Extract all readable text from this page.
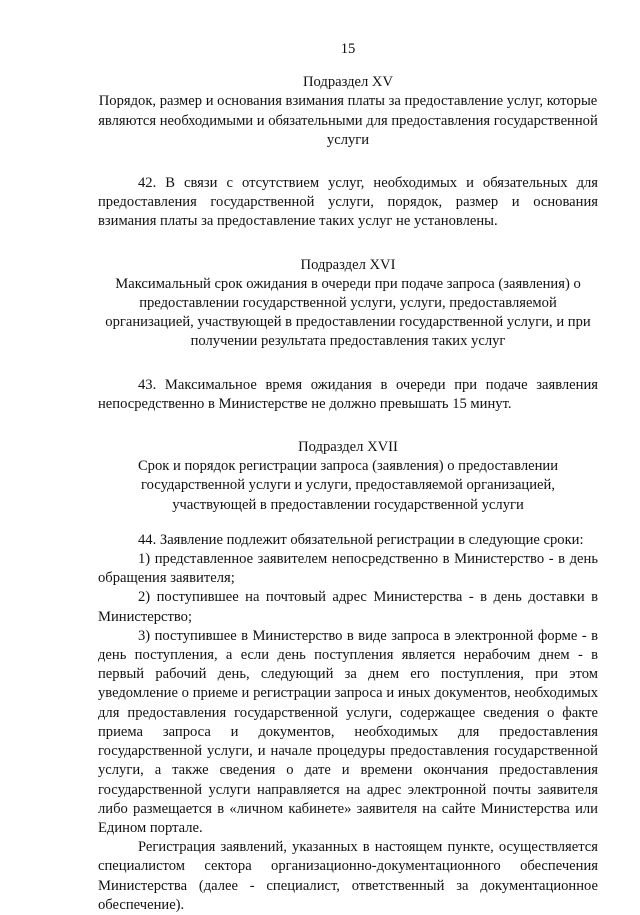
15
Подраздел XV
Порядок, размер и основания взимания платы за предоставление услуг, которые являются необходимыми и обязательными для предоставления государственной услуги

42. В связи с отсутствием услуг, необходимых и обязательных для предоставления государственной услуги, порядок, размер и основания взимания платы за предоставление таких услуг не установлены.

Подраздел XVI
Максимальный срок ожидания в очереди при подаче запроса (заявления) о предоставлении государственной услуги, услуги, предоставляемой организацией, участвующей в предоставлении государственной услуги, и при получении результата предоставления таких услуг

43. Максимальное время ожидания в очереди при подаче заявления непосредственно в Министерстве не должно превышать 15 минут.

Подраздел XVII
Срок и порядок регистрации запроса (заявления) о предоставлении государственной услуги и услуги, предоставляемой организацией, участвующей в предоставлении государственной услуги

44. Заявление подлежит обязательной регистрации в следующие сроки:

1) представленное заявителем непосредственно в Министерство - в день обращения заявителя;

2) поступившее на почтовый адрес Министерства - в день доставки в Министерство;

3) поступившее в Министерство в виде запроса в электронной форме - в день поступления, а если день поступления является нерабочим днем - в первый рабочий день, следующий за днем его поступления, при этом уведомление о приеме и регистрации запроса и иных документов, необходимых для предоставления государственной услуги, содержащее сведения о факте приема запроса и документов, необходимых для предоставления государственной услуги, и начале процедуры предоставления государственной услуги, а также сведения о дате и времени окончания предоставления государственной услуги направляется на адрес электронной почты заявителя либо размещается в «личном кабинете» заявителя на сайте Министерства или Едином портале.

Регистрация заявлений, указанных в настоящем пункте, осуществляется специалистом сектора организационно-документационного обеспечения Министерства (далее - специалист, ответственный за документационное обеспечение).
